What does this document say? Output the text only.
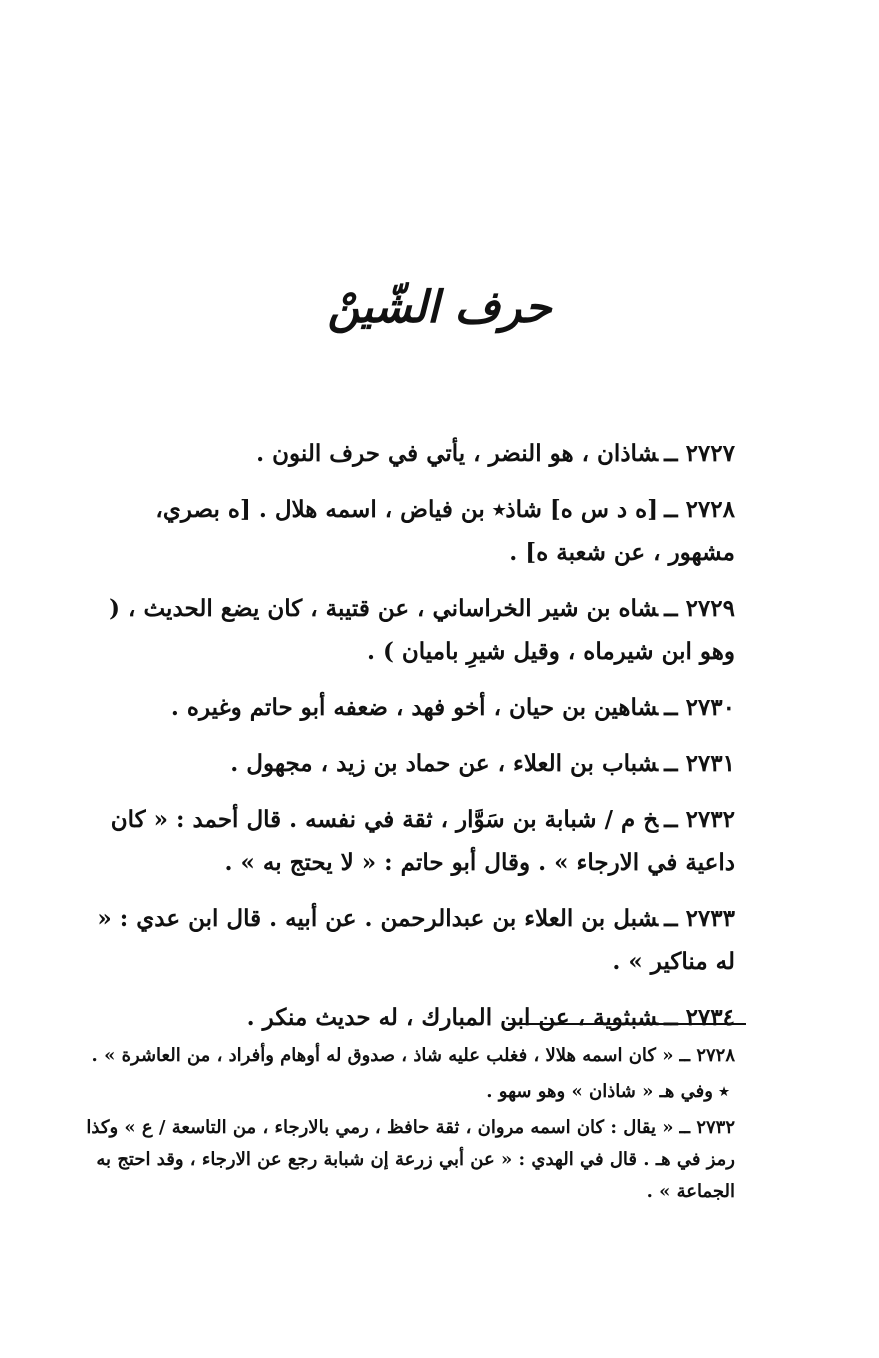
حرف الشّينْ

٢٧٢٧ ــشاذان ، هو النضر ، يأتي في حرف النون .

٢٧٢٨ ــ[ه د س ه] شاذ٭ بن فياض ، اسمه هلال . [ه بصري، مشهور ، عن شعبة ه] .

٢٧٢٩ ــشاه بن شير الخراساني ، عن قتيبة ، كان يضع الحديث ، ( وهو ابن شيرماه ، وقيل شيرِ باميان ) .

٢٧٣٠ ــشاهين بن حيان ، أخو فهد ، ضعفه أبو حاتم وغيره .

٢٧٣١ ــشباب بن العلاء ، عن حماد بن زيد ، مجهول .

٢٧٣٢ ــخ م / شبابة بن سَوَّار ، ثقة في نفسه . قال أحمد : « كان داعية في الارجاء » . وقال أبو حاتم : « لا يحتج به » .

٢٧٣٣ ــشبل بن العلاء بن عبدالرحمن . عن أبيه . قال ابن عدي : « له مناكير » .

٢٧٣٤ ــشبثوية ، عن ابن المبارك ، له حديث منكر .

٢٧٢٨ ــ« كان اسمه هلالا ، فغلب عليه شاذ ، صدوق له أوهام وأفراد ، من العاشرة » .

٭ وفي هـ « شاذان » وهو سهو .

٢٧٣٢ ــ« يقال : كان اسمه مروان ، ثقة حافظ ، رمي بالارجاء ، من التاسعة / ع » وكذا رمز في هـ . قال في الهدي : « عن أبي زرعة إن شبابة رجع عن الارجاء ، وقد احتج به الجماعة » .
